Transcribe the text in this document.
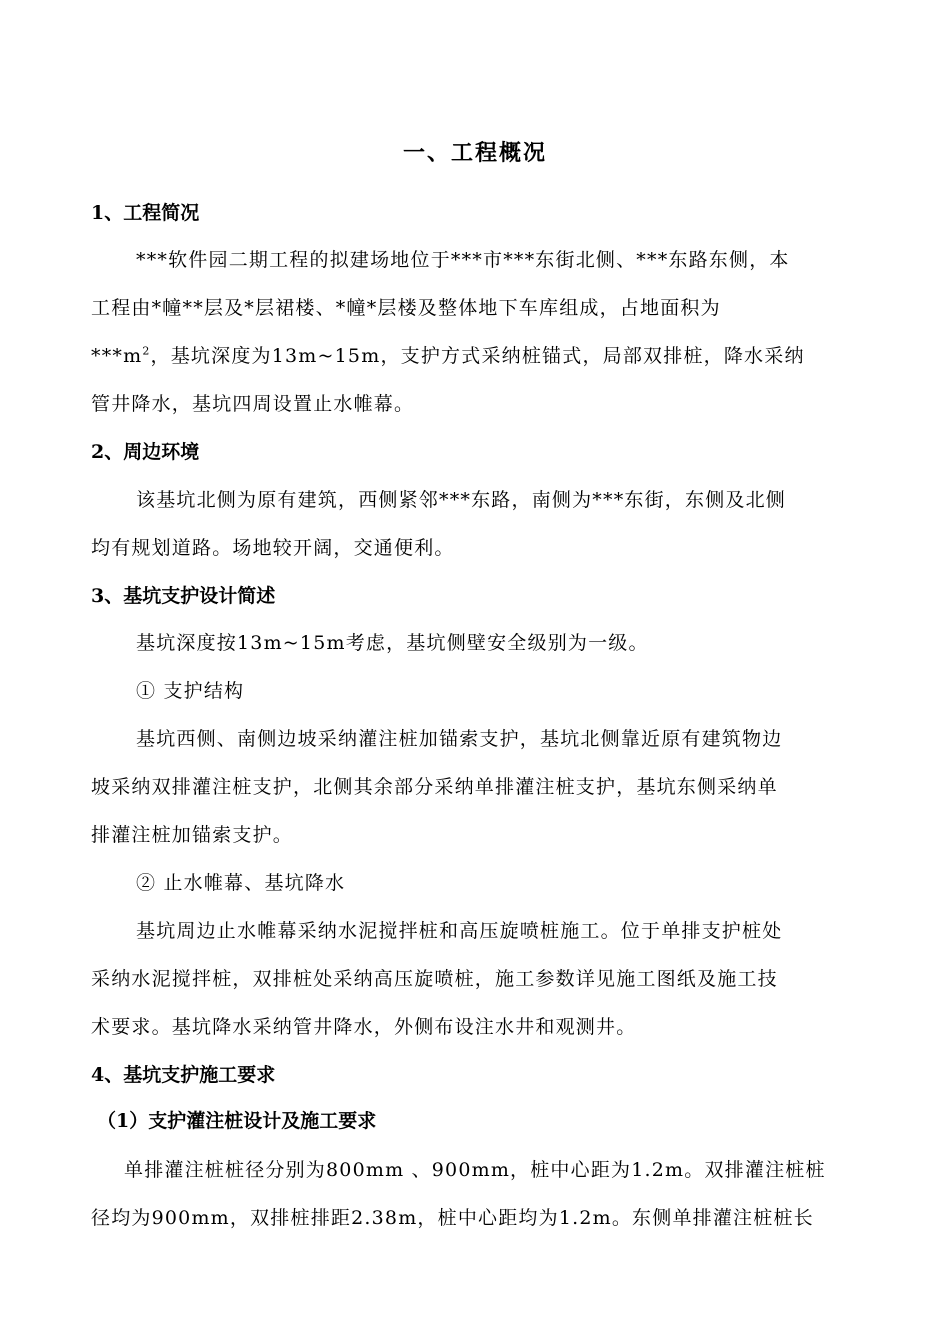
一、工程概况
1、工程简况
***软件园二期工程的拟建场地位于***市***东街北侧、***东路东侧，本
工程由*幢**层及*层裙楼、*幢*层楼及整体地下车库组成，占地面积为
$***m^2$，基坑深度为13m~15m，支护方式采纳桩锚式，局部双排桩，降水采纳
管井降水，基坑四周设置止水帷幕。
2、周边环境
该基坑北侧为原有建筑，西侧紧邻***东路，南侧为***东街，东侧及北侧
均有规划道路。场地较开阔，交通便利。
3、基坑支护设计简述
基坑深度按13m~15m考虑，基坑侧壁安全级别为一级。
① 支护结构
基坑西侧、南侧边坡采纳灌注桩加锚索支护，基坑北侧靠近原有建筑物边
坡采纳双排灌注桩支护，北侧其余部分采纳单排灌注桩支护，基坑东侧采纳单
排灌注桩加锚索支护。
② 止水帷幕、基坑降水
基坑周边止水帷幕采纳水泥搅拌桩和高压旋喷桩施工。位于单排支护桩处
采纳水泥搅拌桩，双排桩处采纳高压旋喷桩，施工参数详见施工图纸及施工技
术要求。基坑降水采纳管井降水，外侧布设注水井和观测井。
4、基坑支护施工要求
（1）支护灌注桩设计及施工要求
单排灌注桩桩径分别为800mm 、900mm，桩中心距为1.2m。双排灌注桩桩
径均为900mm，双排桩排距2.38m，桩中心距均为1.2m。东侧单排灌注桩桩长
